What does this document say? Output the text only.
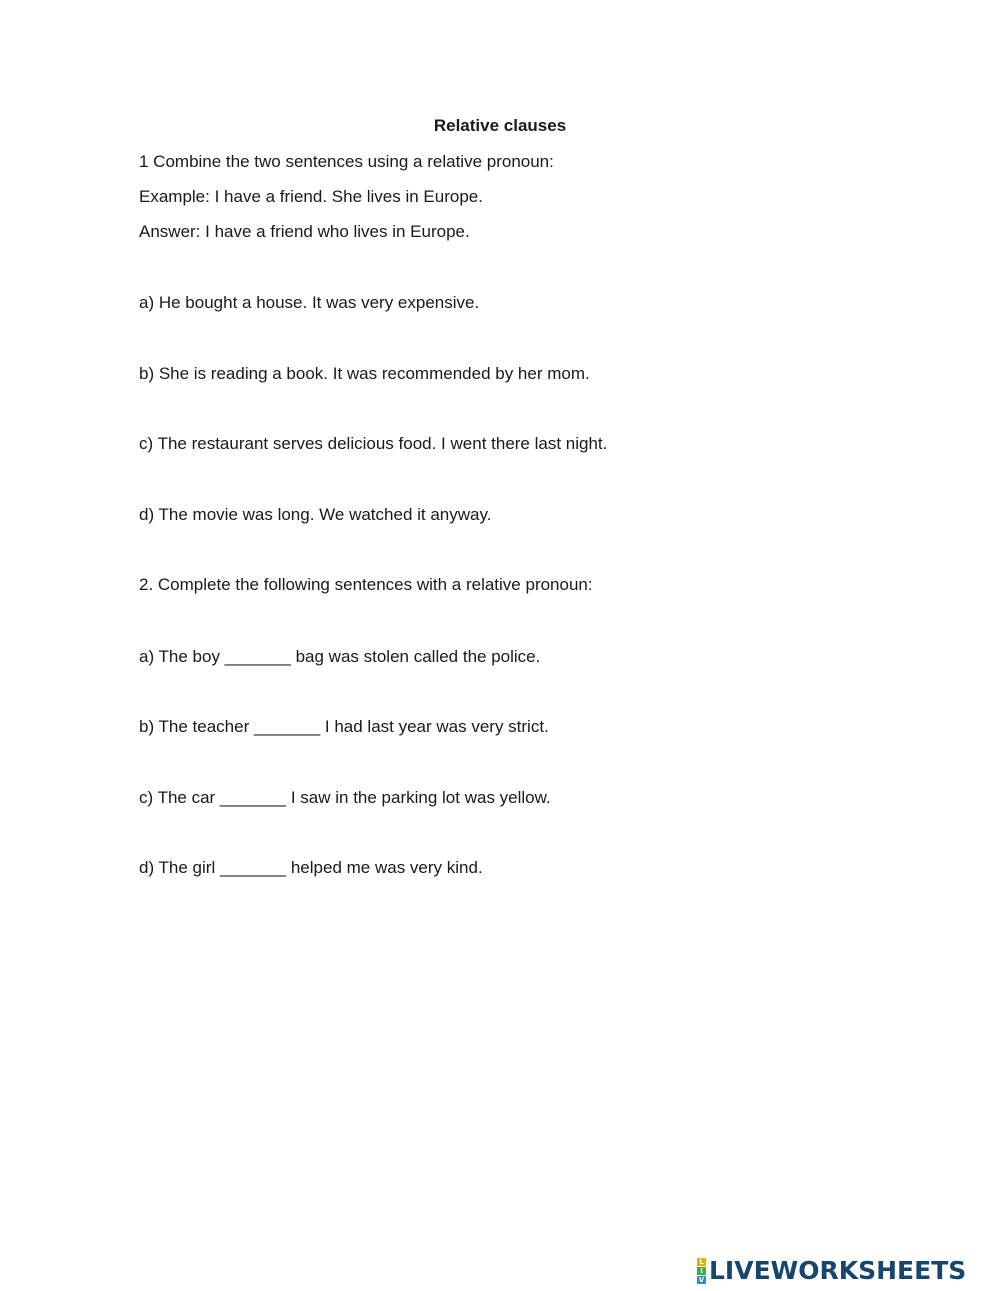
Relative clauses
1 Combine the two sentences using a relative pronoun:
Example: I have a friend. She lives in Europe.
Answer: I have a friend who lives in Europe.
a) He bought a house. It was very expensive.
b) She is reading a book. It was recommended by her mom.
c) The restaurant serves delicious food. I went there last night.
d) The movie was long. We watched it anyway.
2. Complete the following sentences with a relative pronoun:
a) The boy _______ bag was stolen called the police.
b) The teacher _______ I had last year was very strict.
c) The car _______ I saw in the parking lot was yellow.
d) The girl _______ helped me was very kind.
L
I
V LIVEWORKSHEETS
